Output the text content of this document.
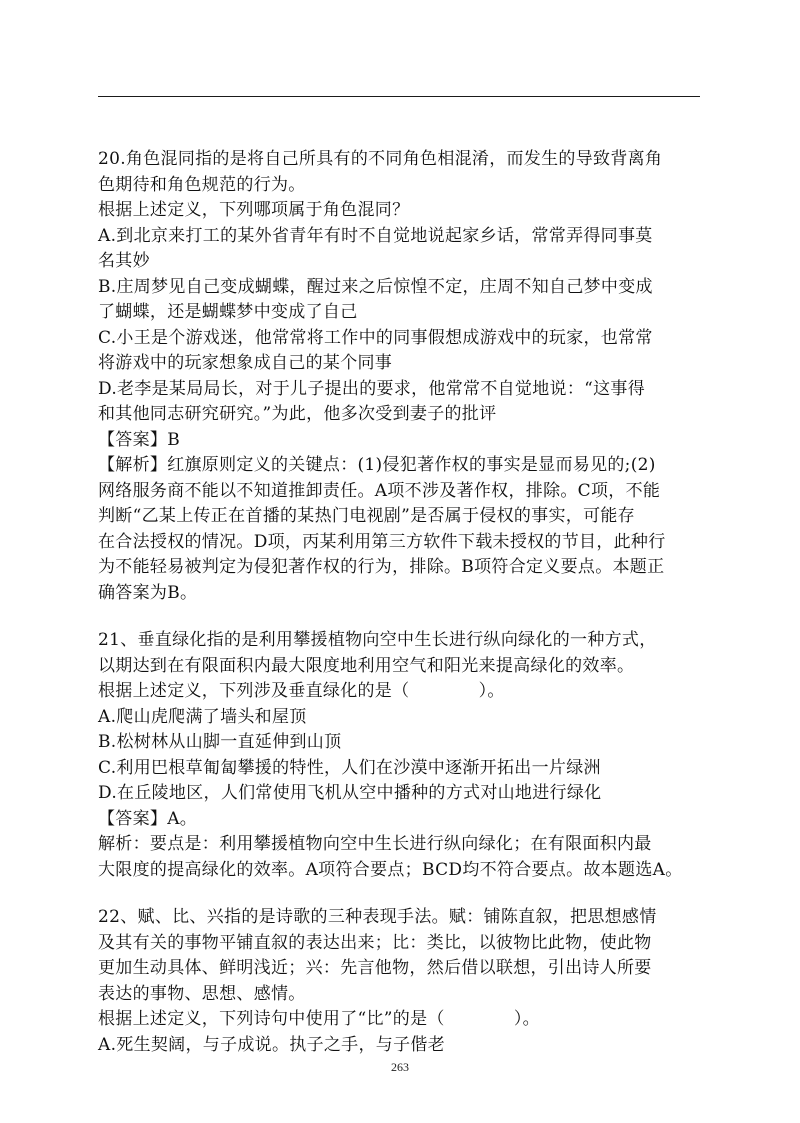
20.角色混同指的是将自己所具有的不同角色相混淆，而发生的导致背离角
色期待和角色规范的行为。
根据上述定义，下列哪项属于角色混同？
A.到北京来打工的某外省青年有时不自觉地说起家乡话，常常弄得同事莫
名其妙
B.庄周梦见自己变成蝴蝶，醒过来之后惊惶不定，庄周不知自己梦中变成
了蝴蝶，还是蝴蝶梦中变成了自己
C.小王是个游戏迷，他常常将工作中的同事假想成游戏中的玩家，也常常
将游戏中的玩家想象成自己的某个同事
D.老李是某局局长，对于儿子提出的要求，他常常不自觉地说：“这事得
和其他同志研究研究。”为此，他多次受到妻子的批评
【答案】B
【解析】红旗原则定义的关键点：(1)侵犯著作权的事实是显而易见的;(2)
网络服务商不能以不知道推卸责任。A项不涉及著作权，排除。C项，不能
判断“乙某上传正在首播的某热门电视剧”是否属于侵权的事实，可能存
在合法授权的情况。D项，丙某利用第三方软件下载未授权的节目，此种行
为不能轻易被判定为侵犯著作权的行为，排除。B项符合定义要点。本题正
确答案为B。
21、垂直绿化指的是利用攀援植物向空中生长进行纵向绿化的一种方式，
以期达到在有限面积内最大限度地利用空气和阳光来提高绿化的效率。
根据上述定义，下列涉及垂直绿化的是（　　　　）。
A.爬山虎爬满了墙头和屋顶
B.松树林从山脚一直延伸到山顶
C.利用巴根草匍匐攀援的特性，人们在沙漠中逐渐开拓出一片绿洲
D.在丘陵地区，人们常使用飞机从空中播种的方式对山地进行绿化
【答案】A。
解析：要点是：利用攀援植物向空中生长进行纵向绿化；在有限面积内最
大限度的提高绿化的效率。A项符合要点；BCD均不符合要点。故本题选A。
22、赋、比、兴指的是诗歌的三种表现手法。赋：铺陈直叙，把思想感情
及其有关的事物平铺直叙的表达出来；比：类比，以彼物比此物，使此物
更加生动具体、鲜明浅近；兴：先言他物，然后借以联想，引出诗人所要
表达的事物、思想、感情。
根据上述定义，下列诗句中使用了“比”的是（　　　　）。
A.死生契阔，与子成说。执子之手，与子偕老
263
